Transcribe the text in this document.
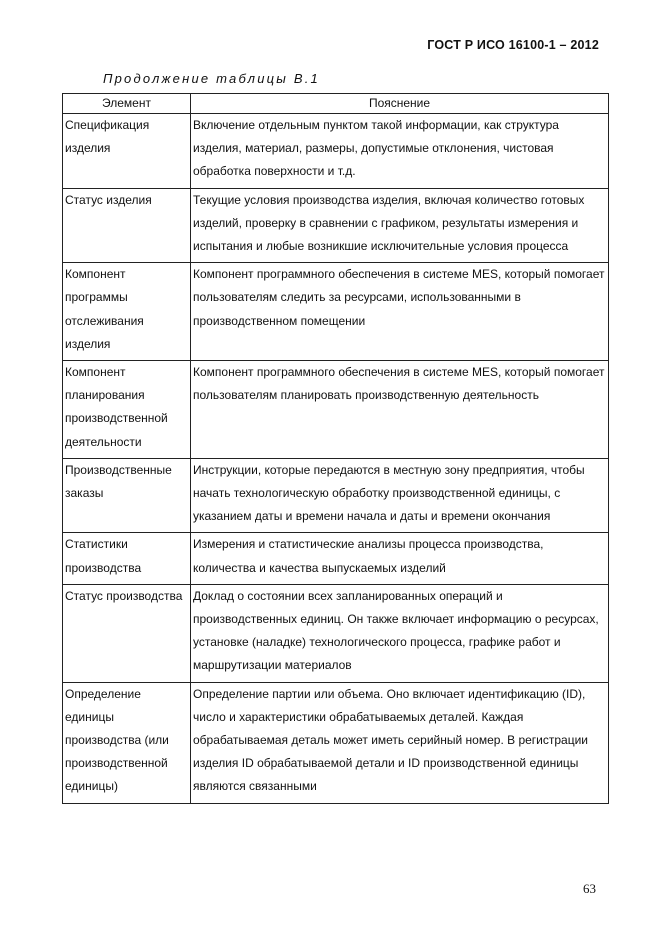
ГОСТ Р ИСО 16100-1 – 2012
Продолжение таблицы В.1
Элемент	Пояснение
Спецификация изделия	Включение отдельным пунктом такой информации, как структура изделия, материал, размеры, допустимые отклонения, чистовая обработка поверхности и т.д.
Статус изделия	Текущие условия производства изделия, включая количество готовых изделий, проверку в сравнении с графиком, результаты измерения и испытания и любые возникшие исключительные условия процесса
Компонент программы отслеживания изделия	Компонент программного обеспечения в системе MES, который помогает пользователям следить за ресурсами, использованными в производственном помещении
Компонент планирования производственной деятельности	Компонент программного обеспечения в системе MES, который помогает пользователям планировать производственную деятельность
Производственные заказы	Инструкции, которые передаются в местную зону предприятия, чтобы начать технологическую обработку производственной единицы, с указанием даты и времени начала и даты и времени окончания
Статистики производства	Измерения и статистические анализы процесса производства, количества и качества выпускаемых изделий
Статус производства	Доклад о состоянии всех запланированных операций и производственных единиц. Он также включает информацию о ресурсах, установке (наладке) технологического процесса, графике работ и маршрутизации материалов
Определение единицы производства (или производственной единицы)	Определение партии или объема. Оно включает идентификацию (ID), число и характеристики обрабатываемых деталей. Каждая обрабатываемая деталь может иметь серийный номер. В регистрации изделия ID обрабатываемой детали и ID производственной единицы являются связанными
63
